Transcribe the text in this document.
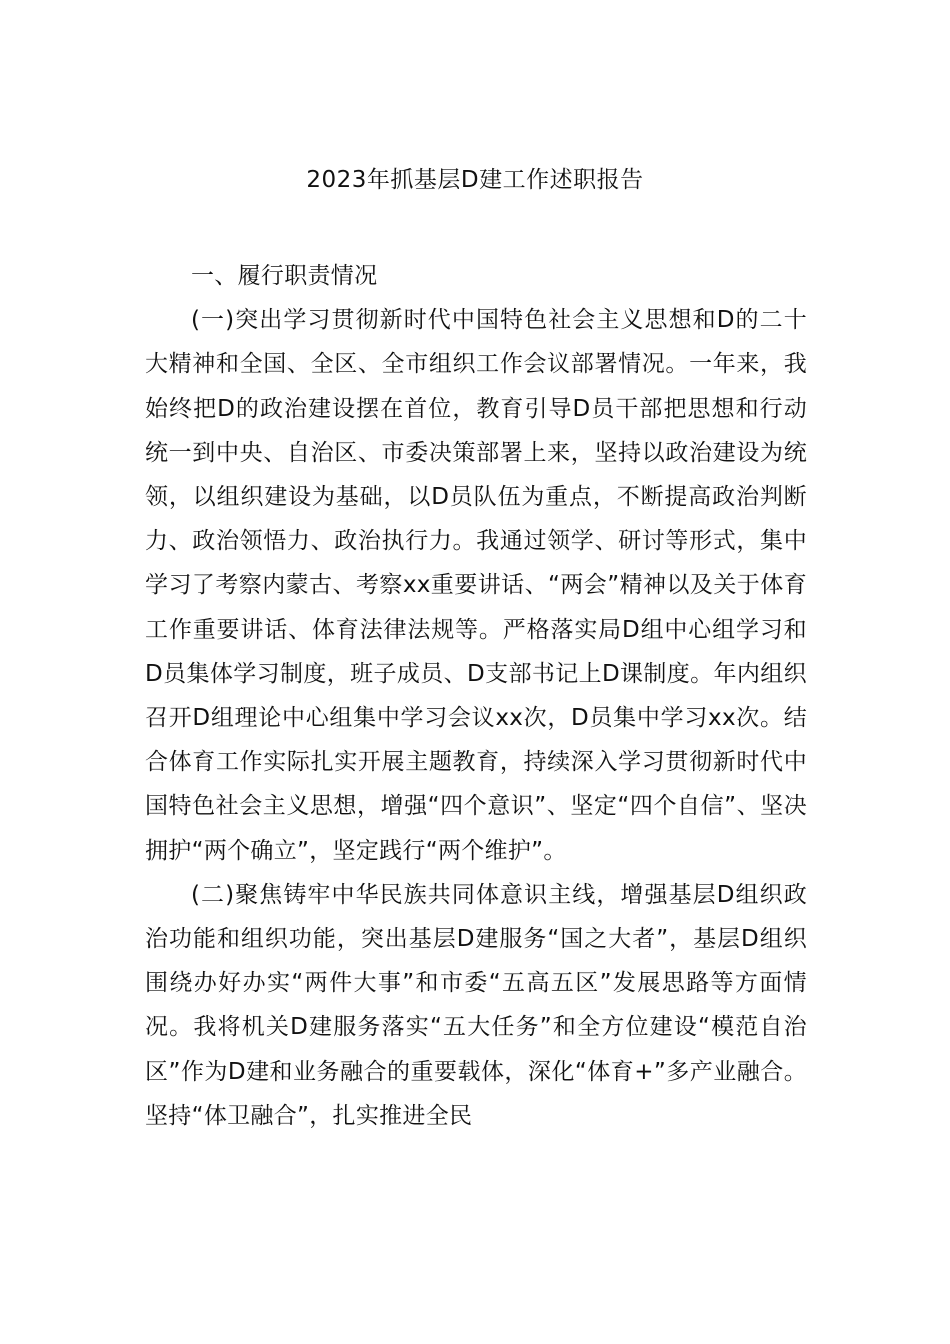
2023年抓基层D建工作述职报告

一、履行职责情况

(一)突出学习贯彻新时代中国特色社会主义思想和D的二十大精神和全国、全区、全市组织工作会议部署情况。一年来，我始终把D的政治建设摆在首位，教育引导D员干部把思想和行动统一到中央、自治区、市委决策部署上来，坚持以政治建设为统领，以组织建设为基础，以D员队伍为重点，不断提高政治判断力、政治领悟力、政治执行力。我通过领学、研讨等形式，集中学习了考察内蒙古、考察xx重要讲话、“两会”精神以及关于体育工作重要讲话、体育法律法规等。严格落实局D组中心组学习和D员集体学习制度，班子成员、D支部书记上D课制度。年内组织召开D组理论中心组集中学习会议xx次，D员集中学习xx次。结合体育工作实际扎实开展主题教育，持续深入学习贯彻新时代中国特色社会主义思想，增强“四个意识”、坚定“四个自信”、坚决拥护“两个确立”，坚定践行“两个维护”。

(二)聚焦铸牢中华民族共同体意识主线，增强基层D组织政治功能和组织功能，突出基层D建服务“国之大者”，基层D组织围绕办好办实“两件大事”和市委“五高五区”发展思路等方面情况。我将机关D建服务落实“五大任务”和全方位建设“模范自治区”作为D建和业务融合的重要载体，深化“体育+”多产业融合。坚持“体卫融合”，扎实推进全民
